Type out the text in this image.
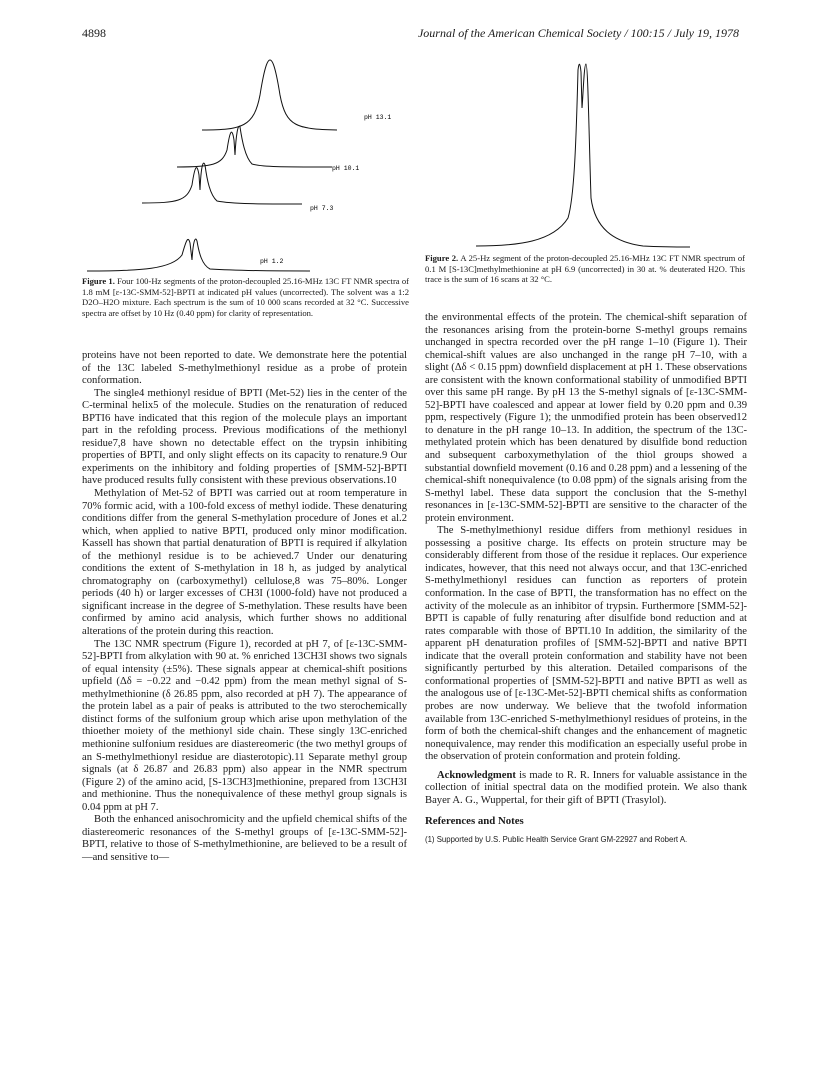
4898	Journal of the American Chemical Society / 100:15 / July 19, 1978
pH 13.1
pH 10.1
pH 7.3
pH 1.2
Figure 1. Four 100-Hz segments of the proton-decoupled 25.16-MHz 13C FT NMR spectra of 1.8 mM [ε-13C-SMM-52]-BPTI at indicated pH values (uncorrected). The solvent was a 1:2 D2O–H2O mixture. Each spectrum is the sum of 10 000 scans recorded at 32 °C. Successive spectra are offset by 10 Hz (0.40 ppm) for clarity of representation.
Figure 2. A 25-Hz segment of the proton-decoupled 25.16-MHz 13C FT NMR spectrum of 0.1 M [S-13C]methylmethionine at pH 6.9 (uncorrected) in 30 at. % deuterated H2O. This trace is the sum of 16 scans at 32 °C.

proteins have not been reported to date. We demonstrate here the potential of the 13C labeled S-methylmethionyl residue as a probe of protein conformation.

The single4 methionyl residue of BPTI (Met-52) lies in the center of the C-terminal helix5 of the molecule. Studies on the renaturation of reduced BPTI6 have indicated that this region of the molecule plays an important part in the refolding process. Previous modifications of the methionyl residue7,8 have shown no detectable effect on the trypsin inhibiting properties of BPTI, and only slight effects on its capacity to renature.9 Our experiments on the inhibitory and folding properties of [SMM-52]-BPTI have produced results fully consistent with these previous observations.10

Methylation of Met-52 of BPTI was carried out at room temperature in 70% formic acid, with a 100-fold excess of methyl iodide. These denaturing conditions differ from the general S-methylation procedure of Jones et al.2 which, when applied to native BPTI, produced only minor modification. Kassell has shown that partial denaturation of BPTI is required if alkylation of the methionyl residue is to be achieved.7 Under our denaturing conditions the extent of S-methylation in 18 h, as judged by analytical chromatography on (carboxymethyl) cellulose,8 was 75–80%. Longer periods (40 h) or larger excesses of CH3I (1000-fold) have not produced a significant increase in the degree of S-methylation. These results have been confirmed by amino acid analysis, which further shows no additional alterations of the protein during this reaction.

The 13C NMR spectrum (Figure 1), recorded at pH 7, of [ε-13C-SMM-52]-BPTI from alkylation with 90 at. % enriched 13CH3I shows two signals of equal intensity (±5%). These signals appear at chemical-shift positions upfield (Δδ = −0.22 and −0.42 ppm) from the mean methyl signal of S-methylmethionine (δ 26.85 ppm, also recorded at pH 7). The appearance of the protein label as a pair of peaks is attributed to the two sterochemically distinct forms of the sulfonium group which arise upon methylation of the thioether moiety of the methionyl side chain. These singly 13C-enriched methionine sulfonium residues are diastereomeric (the two methyl groups of an S-methylmethionyl residue are diasterotopic).11 Separate methyl group signals (at δ 26.87 and 26.83 ppm) also appear in the NMR spectrum (Figure 2) of the amino acid, [S-13CH3]methionine, prepared from 13CH3I and methionine. Thus the nonequivalence of these methyl group signals is 0.04 ppm at pH 7.

Both the enhanced anisochromicity and the upfield chemical shifts of the diastereomeric resonances of the S-methyl groups of [ε-13C-SMM-52]-BPTI, relative to those of S-methylmethionine, are believed to be a result of—and sensitive to—

the environmental effects of the protein. The chemical-shift separation of the resonances arising from the protein-borne S-methyl groups remains unchanged in spectra recorded over the pH range 1–10 (Figure 1). Their chemical-shift values are also unchanged in the range pH 7–10, with a slight (Δδ < 0.15 ppm) downfield displacement at pH 1. These observations are consistent with the known conformational stability of unmodified BPTI over this same pH range. By pH 13 the S-methyl signals of [ε-13C-SMM-52]-BPTI have coalesced and appear at lower field by 0.20 ppm and 0.39 ppm, respectively (Figure 1); the unmodified protein has been observed12 to denature in the pH range 10–13. In addition, the spectrum of the 13C-methylated protein which has been denatured by disulfide bond reduction and subsequent carboxymethylation of the thiol groups showed a substantial downfield movement (0.16 and 0.28 ppm) and a lessening of the chemical-shift nonequivalence (to 0.08 ppm) of the signals arising from the S-methyl label. These data support the conclusion that the S-methyl resonances in [ε-13C-SMM-52]-BPTI are sensitive to the character of the protein environment.

The S-methylmethionyl residue differs from methionyl residues in possessing a positive charge. Its effects on protein structure may be considerably different from those of the residue it replaces. Our experience indicates, however, that this need not always occur, and that 13C-enriched S-methylmethionyl residues can function as reporters of protein conformation. In the case of BPTI, the transformation has no effect on the activity of the molecule as an inhibitor of trypsin. Furthermore [SMM-52]-BPTI is capable of fully renaturing after disulfide bond reduction and at rates comparable with those of BPTI.10 In addition, the similarity of the apparent pH denaturation profiles of [SMM-52]-BPTI and native BPTI indicate that the overall protein conformation and stability have not been significantly perturbed by this alteration. Detailed comparisons of the conformational properties of [SMM-52]-BPTI and native BPTI as well as the analogous use of [ε-13C-Met-52]-BPTI chemical shifts as conformation probes are now underway. We believe that the twofold information available from 13C-enriched S-methylmethionyl residues of proteins, in the form of both the chemical-shift changes and the enhancement of magnetic nonequivalence, may render this modification an especially useful probe in the observation of protein conformation and protein folding.

Acknowledgment is made to R. R. Inners for valuable assistance in the collection of initial spectral data on the modified protein. We also thank Bayer A. G., Wuppertal, for their gift of BPTI (Trasylol).

References and Notes
(1) Supported by U.S. Public Health Service Grant GM-22927 and Robert A.
